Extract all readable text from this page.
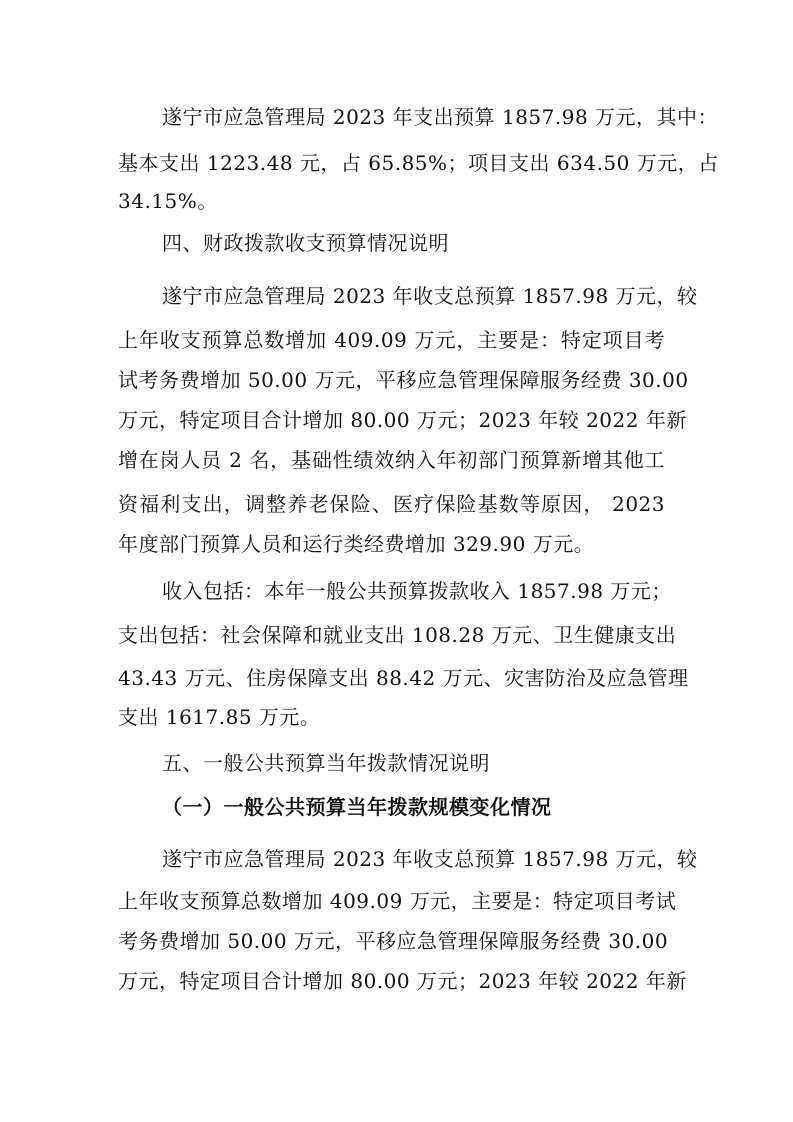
遂宁市应急管理局 2023 年支出预算 1857.98 万元，其中：
基本支出 1223.48 元，占 65.85%；项目支出 634.50 万元，占
34.15%。
四、财政拨款收支预算情况说明
遂宁市应急管理局 2023 年收支总预算 1857.98 万元，较
上年收支预算总数增加 409.09 万元，主要是：特定项目考
试考务费增加 50.00 万元，平移应急管理保障服务经费 30.00
万元，特定项目合计增加 80.00 万元；2023 年较 2022 年新
增在岗人员 2 名，基础性绩效纳入年初部门预算新增其他工
资福利支出，调整养老保险、医疗保险基数等原因， 2023
年度部门预算人员和运行类经费增加 329.90 万元。
收入包括：本年一般公共预算拨款收入 1857.98 万元；
支出包括：社会保障和就业支出 108.28 万元、卫生健康支出
43.43 万元、住房保障支出 88.42 万元、灾害防治及应急管理
支出 1617.85 万元。
五、一般公共预算当年拨款情况说明
（一）一般公共预算当年拨款规模变化情况
遂宁市应急管理局 2023 年收支总预算 1857.98 万元，较
上年收支预算总数增加 409.09 万元，主要是：特定项目考试
考务费增加 50.00 万元，平移应急管理保障服务经费 30.00
万元，特定项目合计增加 80.00 万元；2023 年较 2022 年新
